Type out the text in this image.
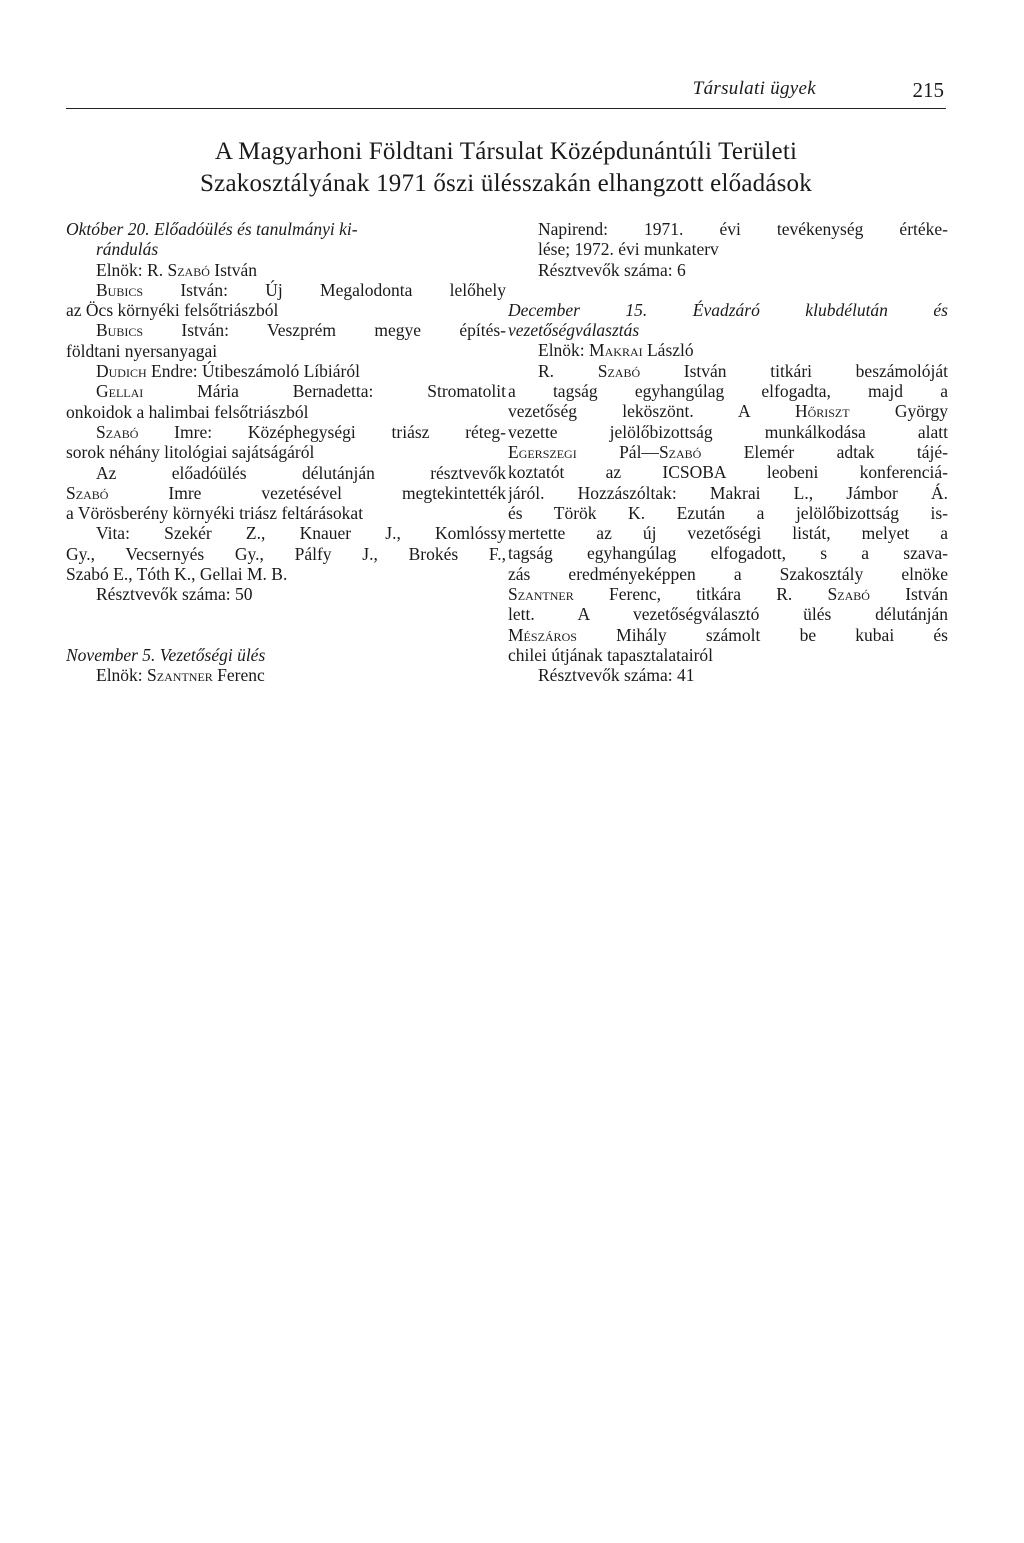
Társulati ügyek	215
A Magyarhoni Földtani Társulat Középdunántúli Területi
Szakosztályának 1971 őszi ülésszakán elhangzott előadások
Október 20. Előadóülés és tanulmányi ki-
rándulás
Elnök: R. Szabó István
Bubics István: Új Megalodonta lelőhely
az Öcs környéki felsőtriászból
Bubics István: Veszprém megye építés-
földtani nyersanyagai
Dudich Endre: Útibeszámoló Líbiáról
Gellai Mária Bernadetta: Stromatolit
onkoidok a halimbai felsőtriászból
Szabó Imre: Középhegységi triász réteg-
sorok néhány litológiai sajátságáról
Az előadóülés délutánján résztvevők
Szabó Imre vezetésével megtekintették
a Vörösberény környéki triász feltárásokat
Vita: Szekér Z., Knauer J., Komlóssy
Gy., Vecsernyés Gy., Pálfy J., Brokés F.,
Szabó E., Tóth K., Gellai M. B.
Résztvevők száma: 50
November 5. Vezetőségi ülés
Elnök: Szantner Ferenc
Napirend: 1971. évi tevékenység értéke-
lése; 1972. évi munkaterv
Résztvevők száma: 6
December 15. Évadzáró klubdélután és
vezetőségválasztás
Elnök: Makrai László
R. Szabó István titkári beszámolóját
a tagság egyhangúlag elfogadta, majd a
vezetőség leköszönt. A Hőriszt György
vezette jelölőbizottság munkálkodása alatt
Egerszegi Pál—Szabó Elemér adtak tájé-
koztatót az ICSOBA leobeni konferenciá-
járól. Hozzászóltak: Makrai L., Jámbor Á.
és Török K. Ezután a jelölőbizottság is-
mertette az új vezetőségi listát, melyet a
tagság egyhangúlag elfogadott, s a szava-
zás eredményeképpen a Szakosztály elnöke
Szantner Ferenc, titkára R. Szabó István
lett. A vezetőségválasztó ülés délutánján
Mészáros Mihály számolt be kubai és
chilei útjának tapasztalatairól
Résztvevők száma: 41
